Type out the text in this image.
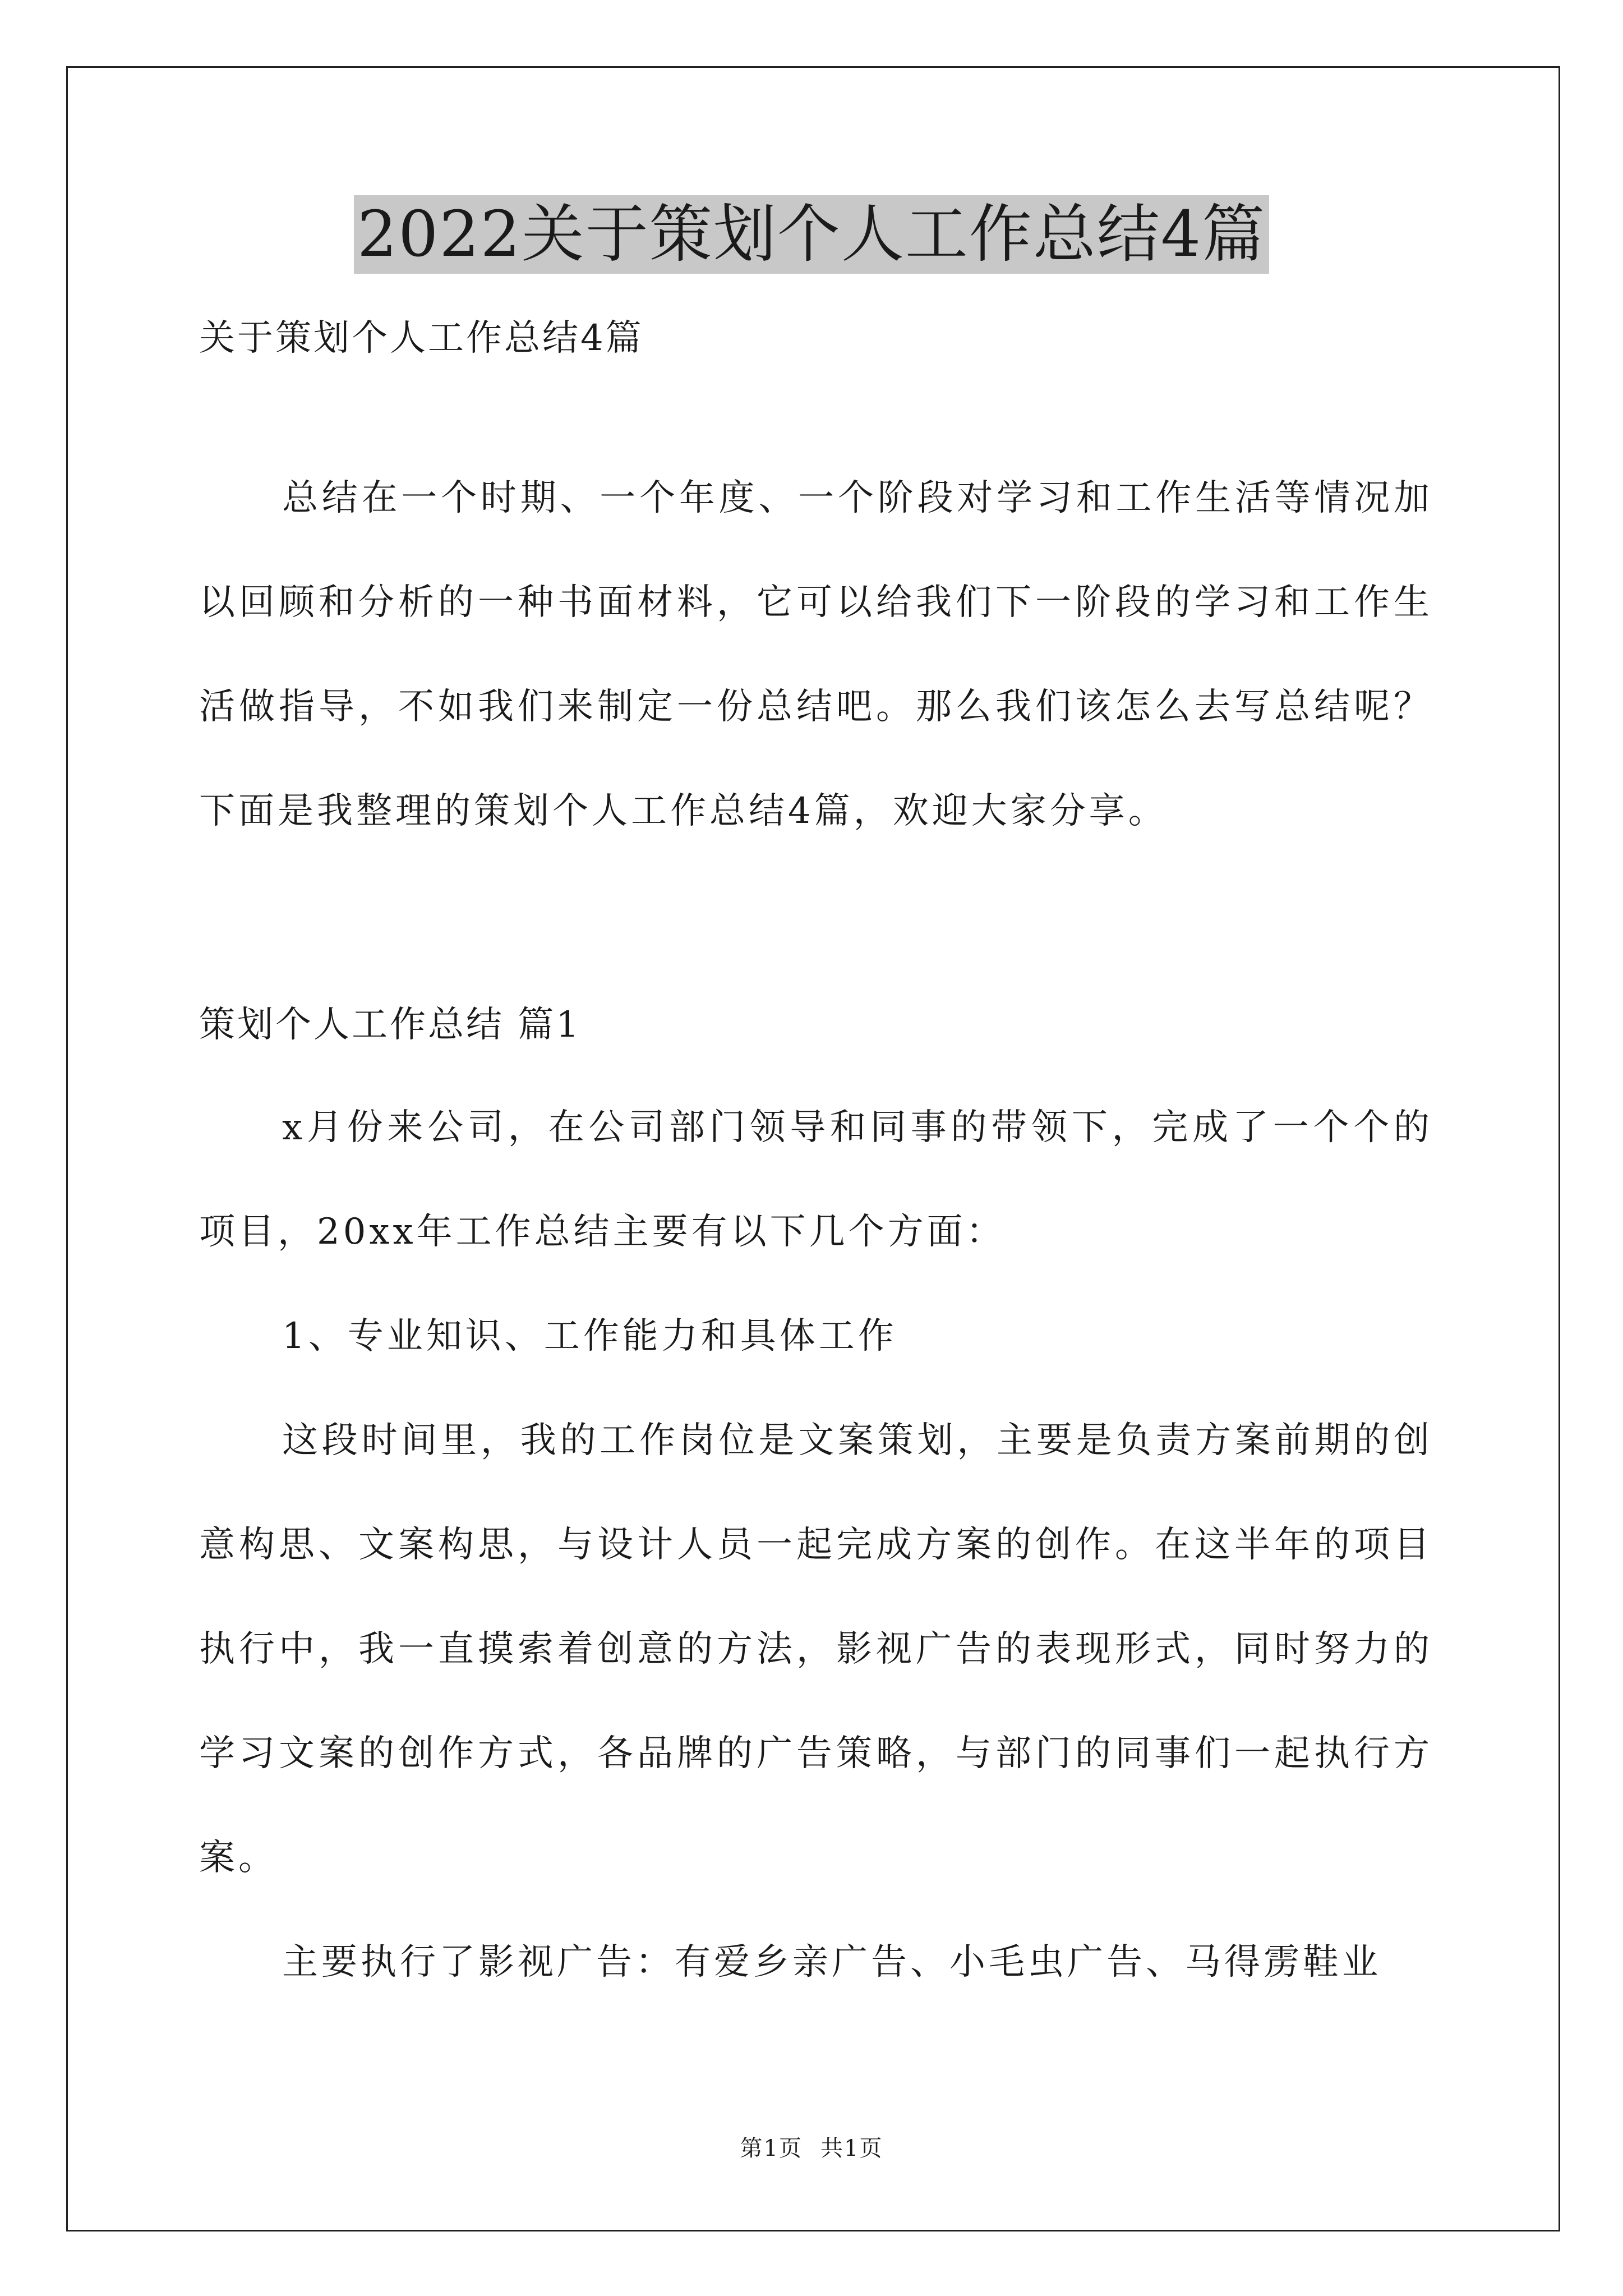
2022关于策划个人工作总结4篇
关于策划个人工作总结4篇

总结在一个时期、一个年度、一个阶段对学习和工作生活等情况加以回顾和分析的一种书面材料，它可以给我们下一阶段的学习和工作生活做指导，不如我们来制定一份总结吧。那么我们该怎么去写总结呢？下面是我整理的策划个人工作总结4篇，欢迎大家分享。

策划个人工作总结 篇1

x月份来公司，在公司部门领导和同事的带领下，完成了一个个的项目，20xx年工作总结主要有以下几个方面：

1、专业知识、工作能力和具体工作

这段时间里，我的工作岗位是文案策划，主要是负责方案前期的创意构思、文案构思，与设计人员一起完成方案的创作。在这半年的项目执行中，我一直摸索着创意的方法，影视广告的表现形式，同时努力的学习文案的创作方式，各品牌的广告策略，与部门的同事们一起执行方案。

主要执行了影视广告：有爱乡亲广告、小毛虫广告、马得雳鞋业

第1页 共1页
